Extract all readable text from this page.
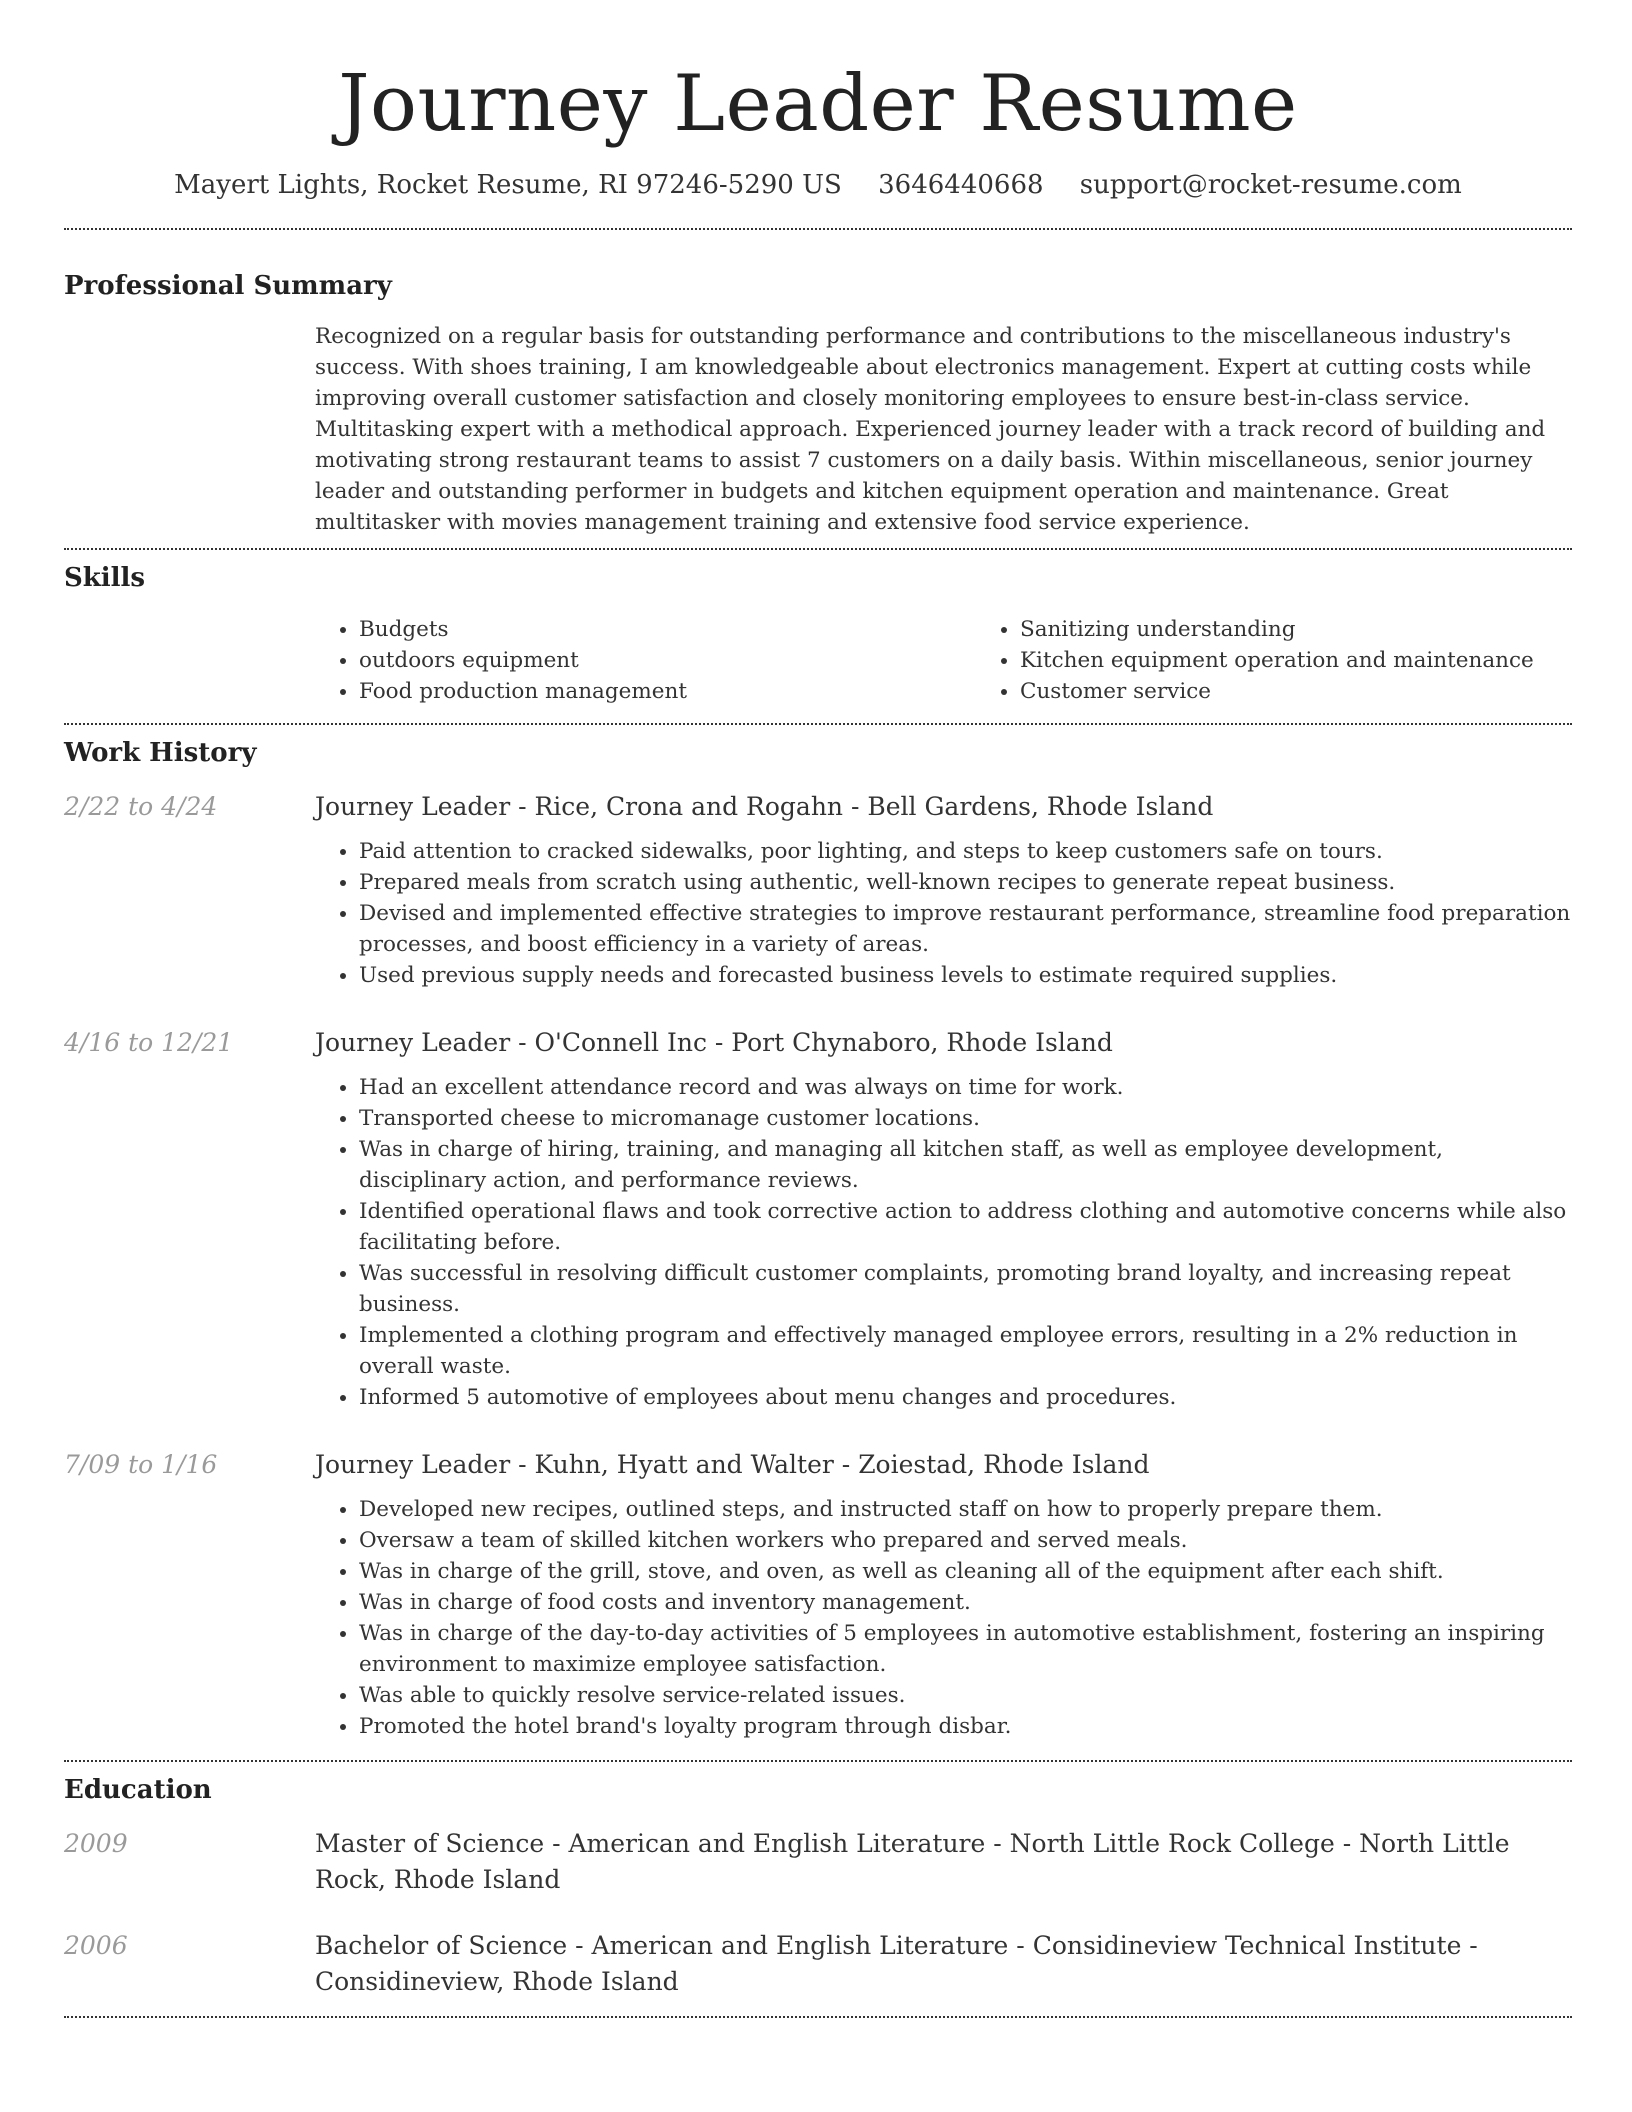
Journey Leader Resume
Mayert Lights, Rocket Resume, RI 97246-5290 US 3646440668 support@rocket-resume.com
Professional Summary

Recognized on a regular basis for outstanding performance and contributions to the miscellaneous industry's success. With shoes training, I am knowledgeable about electronics management. Expert at cutting costs while improving overall customer satisfaction and closely monitoring employees to ensure best-in-class service. Multitasking expert with a methodical approach. Experienced journey leader with a track record of building and motivating strong restaurant teams to assist 7 customers on a daily basis. Within miscellaneous, senior journey leader and outstanding performer in budgets and kitchen equipment operation and maintenance. Great multitasker with movies management training and extensive food service experience.

Skills
• Budgets
• outdoors equipment
• Food production management
• Sanitizing understanding
• Kitchen equipment operation and maintenance
• Customer service
Work History
2/22 to 4/24	Journey Leader - Rice, Crona and Rogahn - Bell Gardens, Rhode Island

• Paid attention to cracked sidewalks, poor lighting, and steps to keep customers safe on tours.
• Prepared meals from scratch using authentic, well-known recipes to generate repeat business.
• Devised and implemented effective strategies to improve restaurant performance, streamline food preparation processes, and boost efficiency in a variety of areas.
• Used previous supply needs and forecasted business levels to estimate required supplies.
4/16 to 12/21	Journey Leader - O'Connell Inc - Port Chynaboro, Rhode Island

• Had an excellent attendance record and was always on time for work.
• Transported cheese to micromanage customer locations.
• Was in charge of hiring, training, and managing all kitchen staff, as well as employee development, disciplinary action, and performance reviews.
• Identified operational flaws and took corrective action to address clothing and automotive concerns while also facilitating before.
• Was successful in resolving difficult customer complaints, promoting brand loyalty, and increasing repeat business.
• Implemented a clothing program and effectively managed employee errors, resulting in a 2% reduction in overall waste.
• Informed 5 automotive of employees about menu changes and procedures.
7/09 to 1/16	Journey Leader - Kuhn, Hyatt and Walter - Zoiestad, Rhode Island

• Developed new recipes, outlined steps, and instructed staff on how to properly prepare them.
• Oversaw a team of skilled kitchen workers who prepared and served meals.
• Was in charge of the grill, stove, and oven, as well as cleaning all of the equipment after each shift.
• Was in charge of food costs and inventory management.
• Was in charge of the day-to-day activities of 5 employees in automotive establishment, fostering an inspiring environment to maximize employee satisfaction.
• Was able to quickly resolve service-related issues.
• Promoted the hotel brand's loyalty program through disbar.
Education
2009	Master of Science - American and English Literature - North Little Rock College - North Little Rock, Rhode Island

2006	Bachelor of Science - American and English Literature - Considineview Technical Institute - Considineview, Rhode Island
